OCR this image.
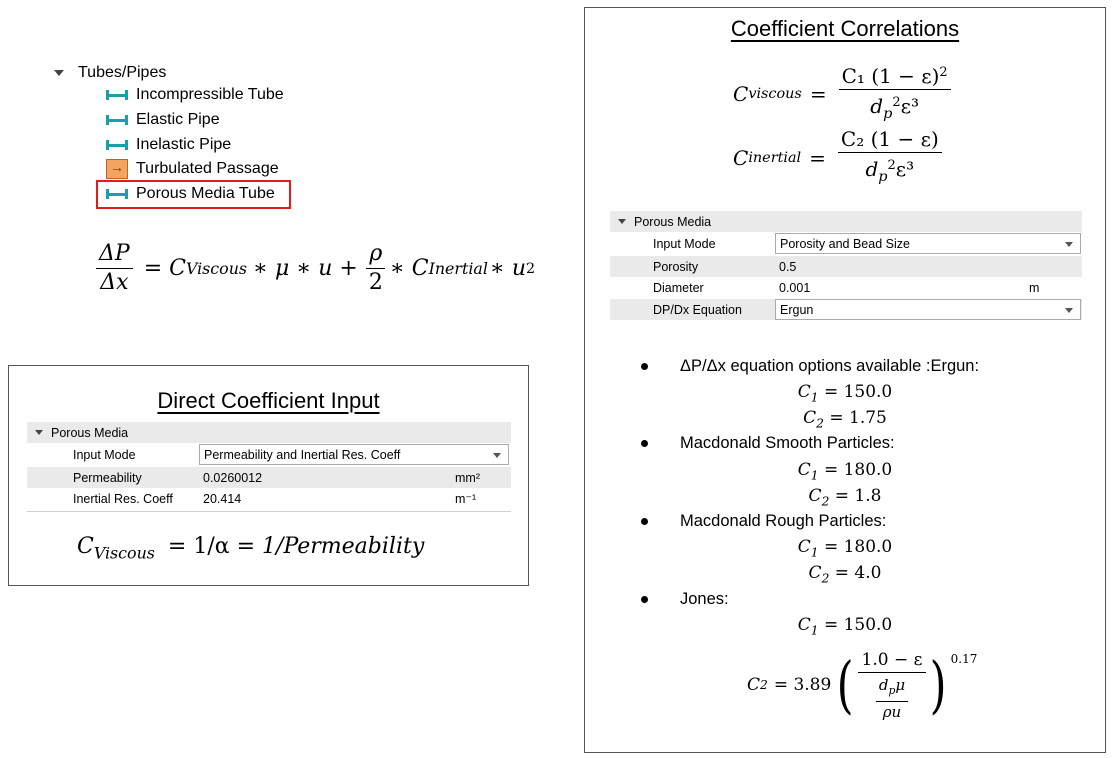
Tubes/Pipes
Incompressible Tube
Elastic Pipe
Inelastic Pipe
→
Turbulated Passage
Porous Media Tube
$\frac{\Delta P}{\Delta x} = C$ Viscous ∗ μ ∗ $u + \frac{\rho}{2}$ ∗ C Inertial ∗ u 2
Direct Coefficient Input
Porous Media
Input Mode	Permeability and Inertial Res. Coeff
Permeability	0.0260012	mm²
Inertial Res. Coeff 20.414	m⁻¹
$C_{Viscous} = 1/\alpha$ = 1/Permeability
Coefficient Correlations
C viscous = $\frac{C_1 (1 - \varepsilon)^2}{d_p^2\varepsilon^3}$
C inertial = $\frac{\text{C₂ (1 − ε)}}{d_p^2\varepsilon^3}$
Porous Media
Input Mode	Porosity and Bead Size
Porosity	0.5
Diameter	0.001	m
DP/Dx Equation	Ergun
ΔP/Δx equation options available :Ergun:
$C_1 = 150.0$
$C_2 = 1.75$
Macdonald Smooth Particles:
$C_1 = 180.0$
$C_2 = 1.8$
Macdonald Rough Particles:
$C_1 = 180.0$
$C_2 = 4.0$
Jones:
$C_1 = 150.0$
C 2 = 3.89 ( 1.0 − ε
$d_p\mu$
ρu ) $^{0.17}$
